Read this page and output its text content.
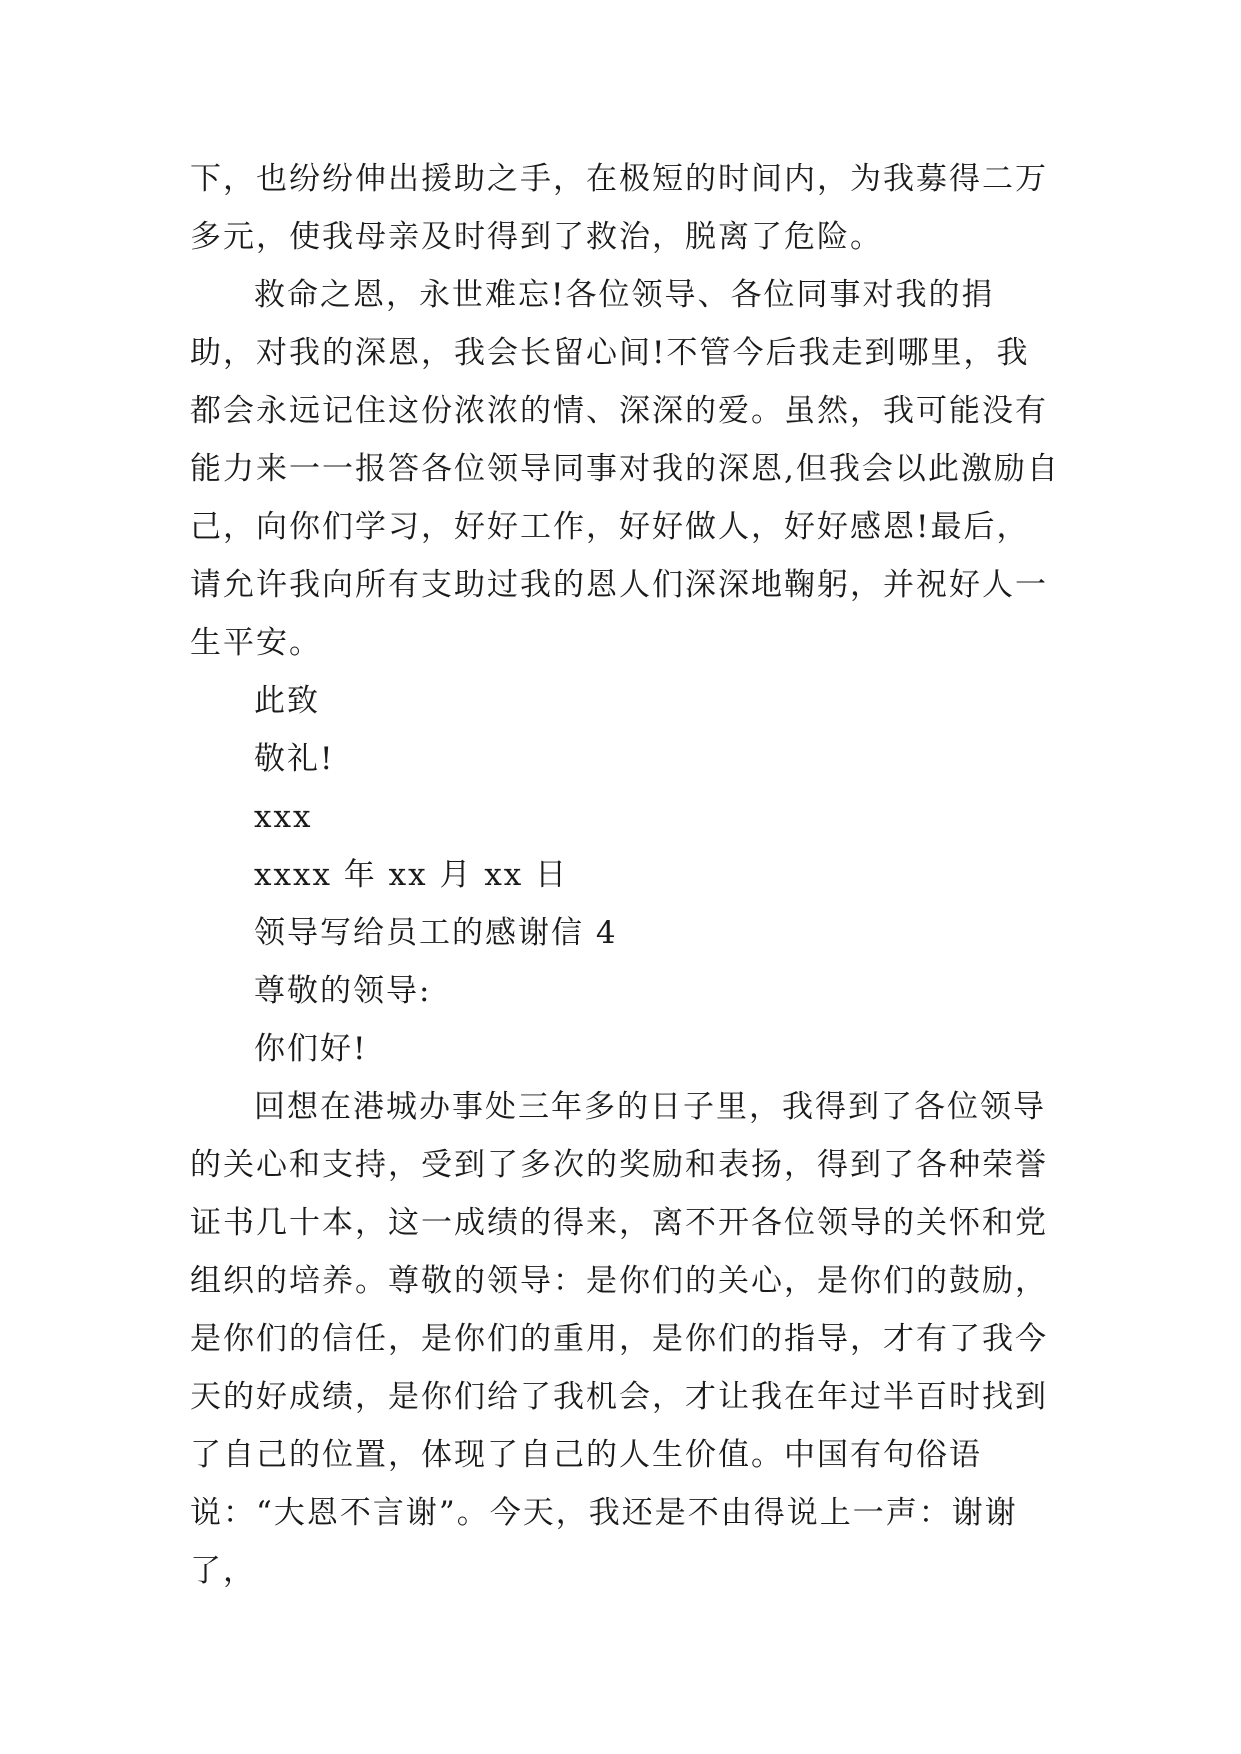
下，也纷纷伸出援助之手，在极短的时间内，为我募得二万多元，使我母亲及时得到了救治，脱离了危险。

救命之恩，永世难忘!各位领导、各位同事对我的捐助，对我的深恩，我会长留心间!不管今后我走到哪里，我都会永远记住这份浓浓的情、深深的爱。虽然，我可能没有能力来一一报答各位领导同事对我的深恩,但我会以此激励自己，向你们学习，好好工作，好好做人，好好感恩!最后，请允许我向所有支助过我的恩人们深深地鞠躬，并祝好人一生平安。

此致

敬礼!

xxx

xxxx 年 xx 月 xx 日

领导写给员工的感谢信 4

尊敬的领导:

你们好!

回想在港城办事处三年多的日子里，我得到了各位领导的关心和支持，受到了多次的奖励和表扬，得到了各种荣誉证书几十本，这一成绩的得来，离不开各位领导的关怀和党组织的培养。尊敬的领导：是你们的关心，是你们的鼓励，是你们的信任，是你们的重用，是你们的指导，才有了我今天的好成绩，是你们给了我机会，才让我在年过半百时找到了自己的位置，体现了自己的人生价值。中国有句俗语说：“大恩不言谢”。今天，我还是不由得说上一声：谢谢了，
